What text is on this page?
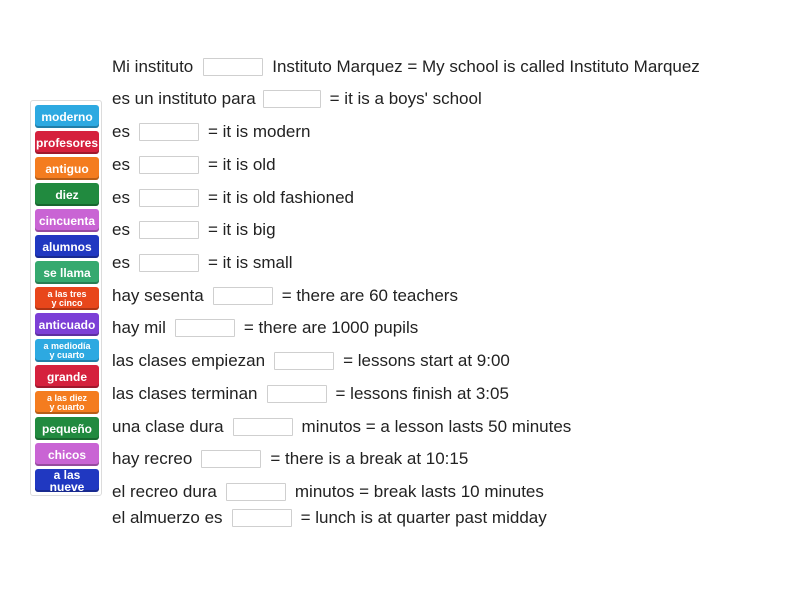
moderno
profesores
antiguo
diez
cincuenta
alumnos
se llama
a las tres
y cinco
anticuado
a mediodía
y cuarto
grande
a las diez
y cuarto
pequeño
chicos
a las nueve
Mi instituto	Instituto Marquez = My school is called Instituto Marquez
es un instituto para	= it is a boys' school
es	= it is modern
es	= it is old
es	= it is old fashioned
es	= it is big
es	= it is small
hay sesenta	= there are 60 teachers
hay mil	= there are 1000 pupils
las clases empiezan	= lessons start at 9:00
las clases terminan	= lessons finish at 3:05
una clase dura	minutos = a lesson lasts 50 minutes
hay recreo	= there is a break at 10:15
el recreo dura	minutos = break lasts 10 minutes
el almuerzo es	= lunch is at quarter past midday
